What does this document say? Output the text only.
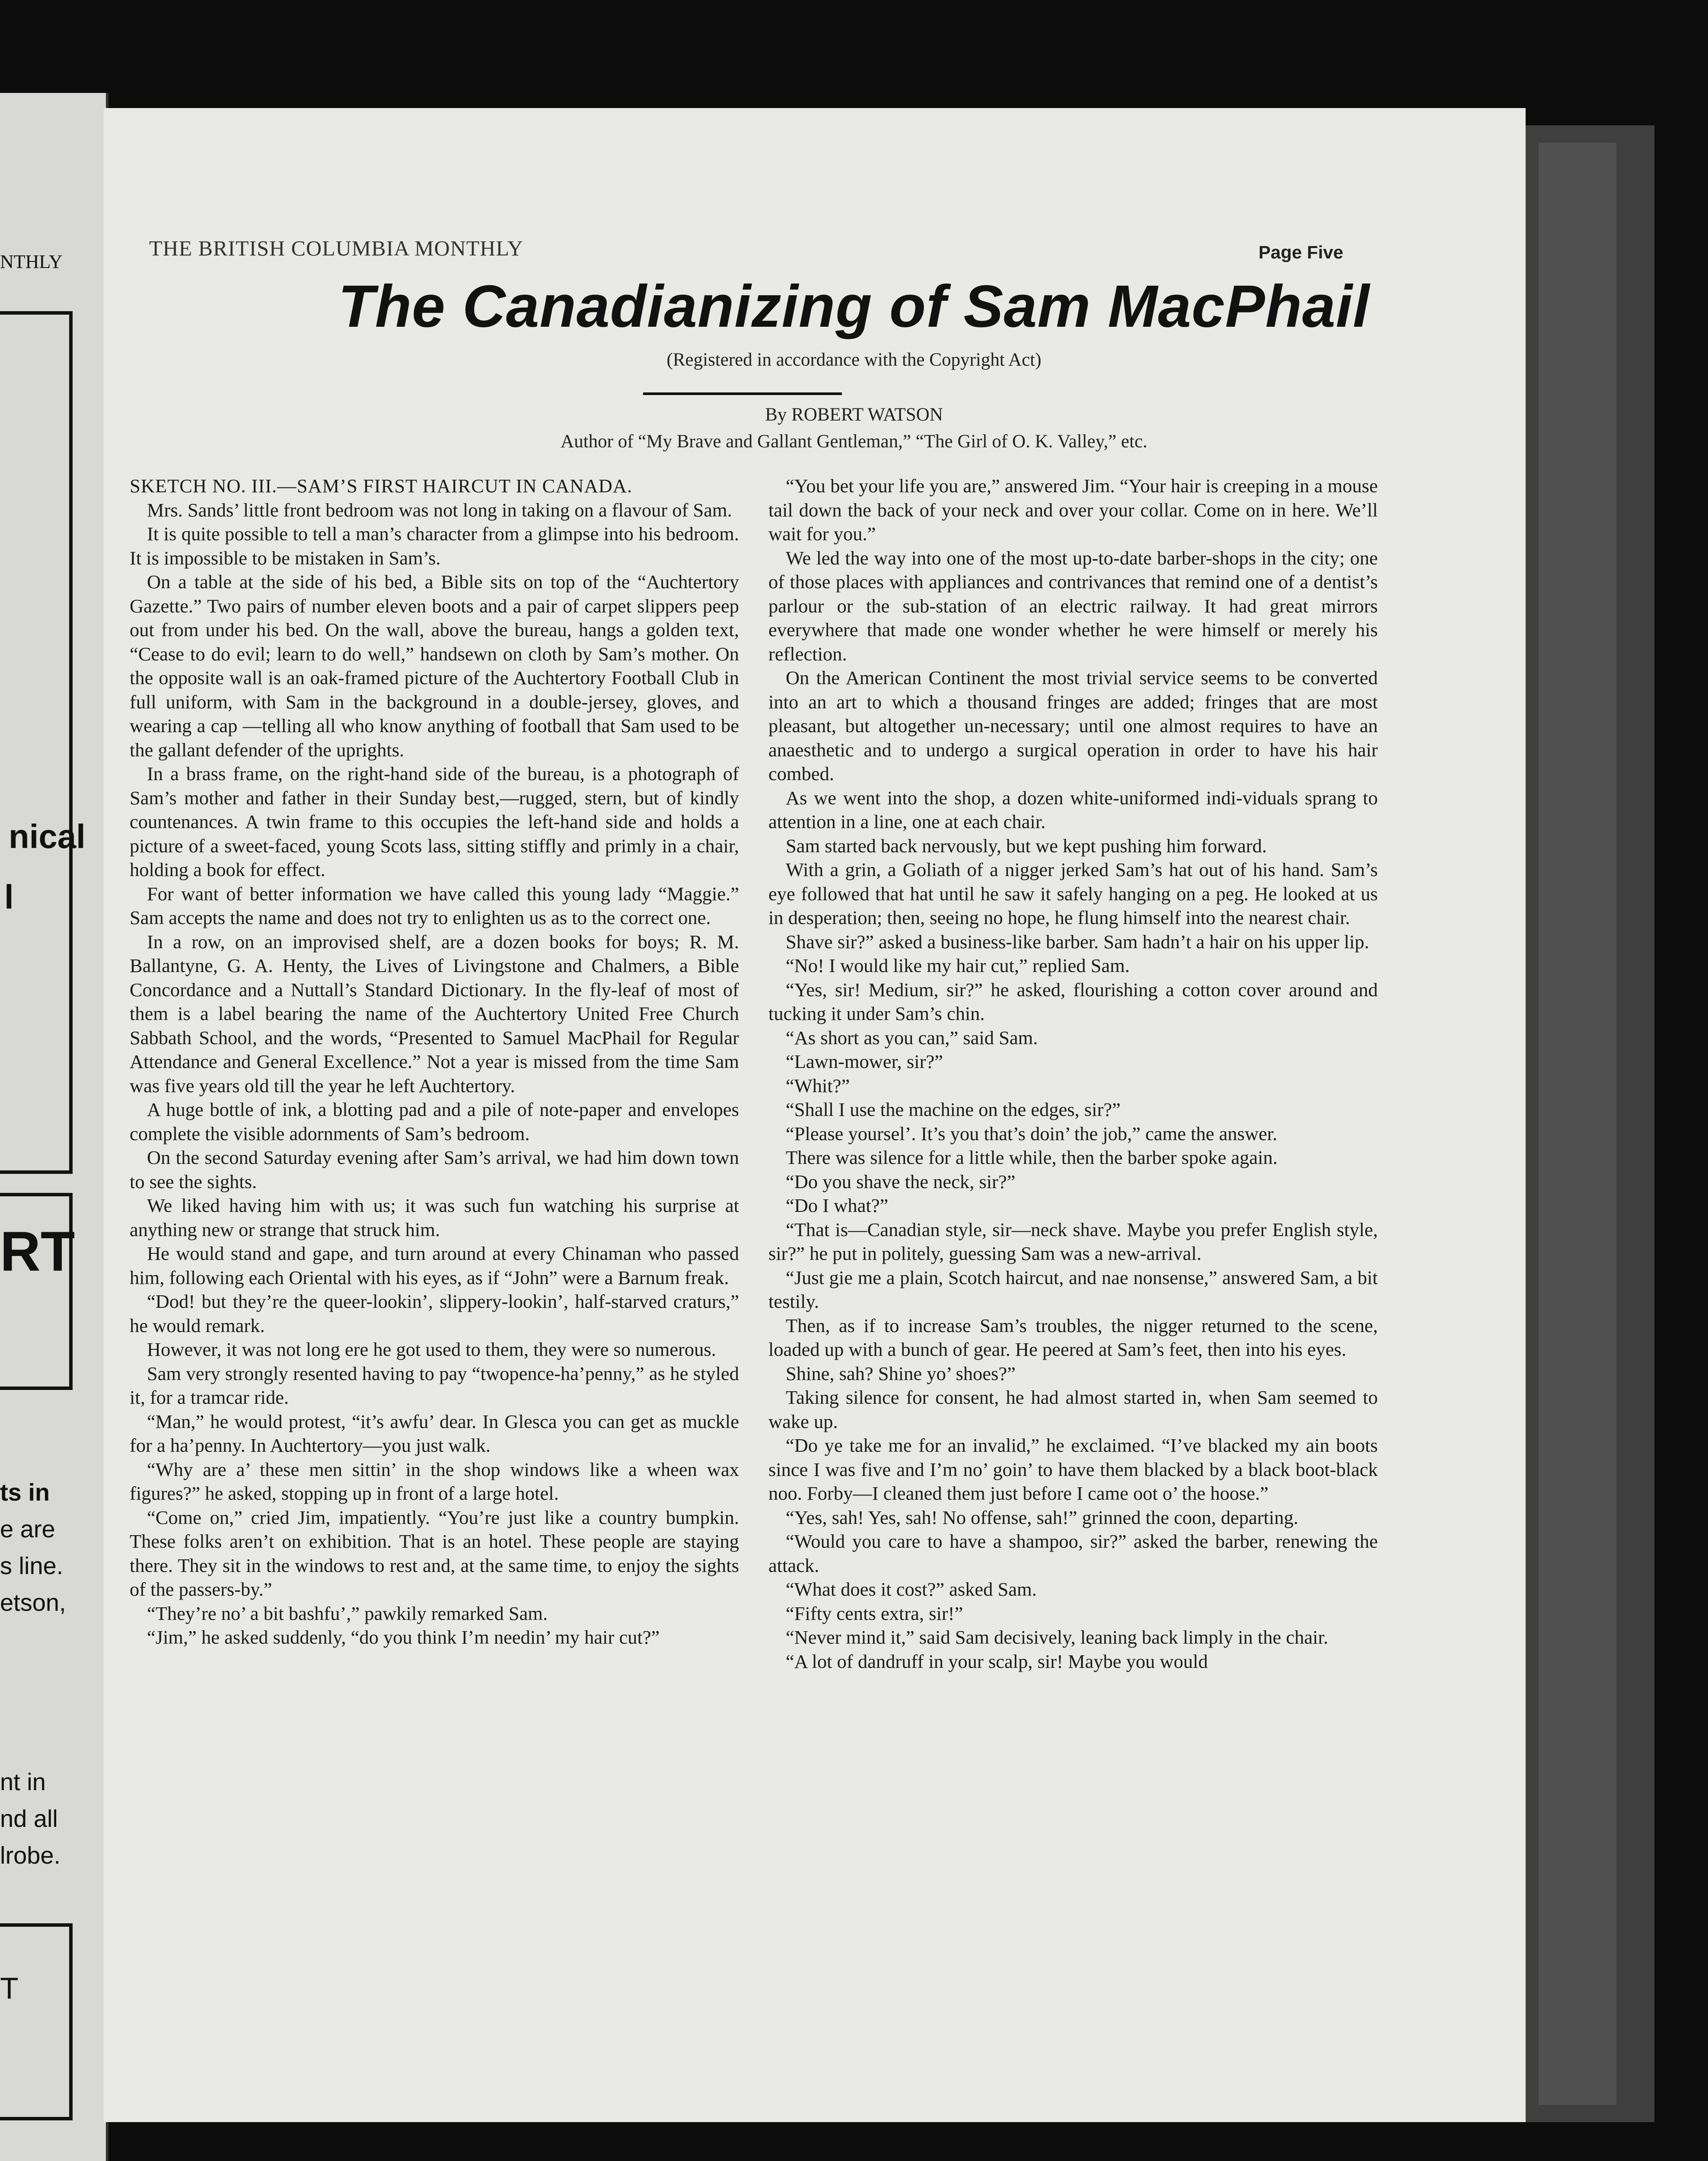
NTHLY
nical
l
RT
ts in
e are
s line.
etson,
nt in
nd all
lrobe.
T
THE BRITISH COLUMBIA MONTHLY	Page Five
The Canadianizing of Sam MacPhail
(Registered in accordance with the Copyright Act)
By ROBERT WATSON
Author of “My Brave and Gallant Gentleman,” “The Girl of O. K. Valley,” etc.

SKETCH NO. III.—SAM’S FIRST HAIRCUT IN CANADA.

Mrs. Sands’ little front bedroom was not long in taking on a flavour of Sam.

It is quite possible to tell a man’s character from a glimpse into his bedroom. It is impossible to be mistaken in Sam’s.

On a table at the side of his bed, a Bible sits on top of the “Auchtertory Gazette.” Two pairs of number eleven boots and a pair of carpet slippers peep out from under his bed. On the wall, above the bureau, hangs a golden text, “Cease to do evil; learn to do well,” handsewn on cloth by Sam’s mother. On the opposite wall is an oak-framed picture of the Auchtertory Football Club in full uniform, with Sam in the background in a double-jersey, gloves, and wearing a cap —telling all who know anything of football that Sam used to be the gallant defender of the uprights.

In a brass frame, on the right-hand side of the bureau, is a photograph of Sam’s mother and father in their Sunday best,—rugged, stern, but of kindly countenances. A twin frame to this occupies the left-hand side and holds a picture of a sweet-faced, young Scots lass, sitting stiffly and primly in a chair, holding a book for effect.

For want of better information we have called this young lady “Maggie.” Sam accepts the name and does not try to enlighten us as to the correct one.

In a row, on an improvised shelf, are a dozen books for boys; R. M. Ballantyne, G. A. Henty, the Lives of Livingstone and Chalmers, a Bible Concordance and a Nuttall’s Standard Dictionary. In the fly-leaf of most of them is a label bearing the name of the Auchtertory United Free Church Sabbath School, and the words, “Presented to Samuel MacPhail for Regular Attendance and General Excellence.” Not a year is missed from the time Sam was five years old till the year he left Auchtertory.

A huge bottle of ink, a blotting pad and a pile of note-paper and envelopes complete the visible adornments of Sam’s bedroom.

On the second Saturday evening after Sam’s arrival, we had him down town to see the sights.

We liked having him with us; it was such fun watching his surprise at anything new or strange that struck him.

He would stand and gape, and turn around at every Chinaman who passed him, following each Oriental with his eyes, as if “John” were a Barnum freak.

“Dod! but they’re the queer-lookin’, slippery-lookin’, half-starved craturs,” he would remark.

However, it was not long ere he got used to them, they were so numerous.

Sam very strongly resented having to pay “twopence-ha’penny,” as he styled it, for a tramcar ride.

“Man,” he would protest, “it’s awfu’ dear. In Glesca you can get as muckle for a ha’penny. In Auchtertory—you just walk.

“Why are a’ these men sittin’ in the shop windows like a wheen wax figures?” he asked, stopping up in front of a large hotel.

“Come on,” cried Jim, impatiently. “You’re just like a country bumpkin. These folks aren’t on exhibition. That is an hotel. These people are staying there. They sit in the windows to rest and, at the same time, to enjoy the sights of the passers-by.”

“They’re no’ a bit bashfu’,” pawkily remarked Sam.

“Jim,” he asked suddenly, “do you think I’m needin’ my hair cut?”

“You bet your life you are,” answered Jim. “Your hair is creeping in a mouse tail down the back of your neck and over your collar. Come on in here. We’ll wait for you.”

We led the way into one of the most up-to-date barber-shops in the city; one of those places with appliances and contrivances that remind one of a dentist’s parlour or the sub-station of an electric railway. It had great mirrors everywhere that made one wonder whether he were himself or merely his reflection.

On the American Continent the most trivial service seems to be converted into an art to which a thousand fringes are added; fringes that are most pleasant, but altogether un-necessary; until one almost requires to have an anaesthetic and to undergo a surgical operation in order to have his hair combed.

As we went into the shop, a dozen white-uniformed indi-viduals sprang to attention in a line, one at each chair.

Sam started back nervously, but we kept pushing him forward.

With a grin, a Goliath of a nigger jerked Sam’s hat out of his hand. Sam’s eye followed that hat until he saw it safely hanging on a peg. He looked at us in desperation; then, seeing no hope, he flung himself into the nearest chair.

Shave sir?” asked a business-like barber. Sam hadn’t a hair on his upper lip.

“No! I would like my hair cut,” replied Sam.

“Yes, sir! Medium, sir?” he asked, flourishing a cotton cover around and tucking it under Sam’s chin.

“As short as you can,” said Sam.

“Lawn-mower, sir?”

“Whit?”

“Shall I use the machine on the edges, sir?”

“Please yoursel’. It’s you that’s doin’ the job,” came the answer.

There was silence for a little while, then the barber spoke again.

“Do you shave the neck, sir?”

“Do I what?”

“That is—Canadian style, sir—neck shave. Maybe you prefer English style, sir?” he put in politely, guessing Sam was a new-arrival.

“Just gie me a plain, Scotch haircut, and nae nonsense,” answered Sam, a bit testily.

Then, as if to increase Sam’s troubles, the nigger returned to the scene, loaded up with a bunch of gear. He peered at Sam’s feet, then into his eyes.

Shine, sah? Shine yo’ shoes?”

Taking silence for consent, he had almost started in, when Sam seemed to wake up.

“Do ye take me for an invalid,” he exclaimed. “I’ve blacked my ain boots since I was five and I’m no’ goin’ to have them blacked by a black boot-black noo. Forby—I cleaned them just before I came oot o’ the hoose.”

“Yes, sah! Yes, sah! No offense, sah!” grinned the coon, departing.

“Would you care to have a shampoo, sir?” asked the barber, renewing the attack.

“What does it cost?” asked Sam.

“Fifty cents extra, sir!”

“Never mind it,” said Sam decisively, leaning back limply in the chair.

“A lot of dandruff in your scalp, sir! Maybe you would
